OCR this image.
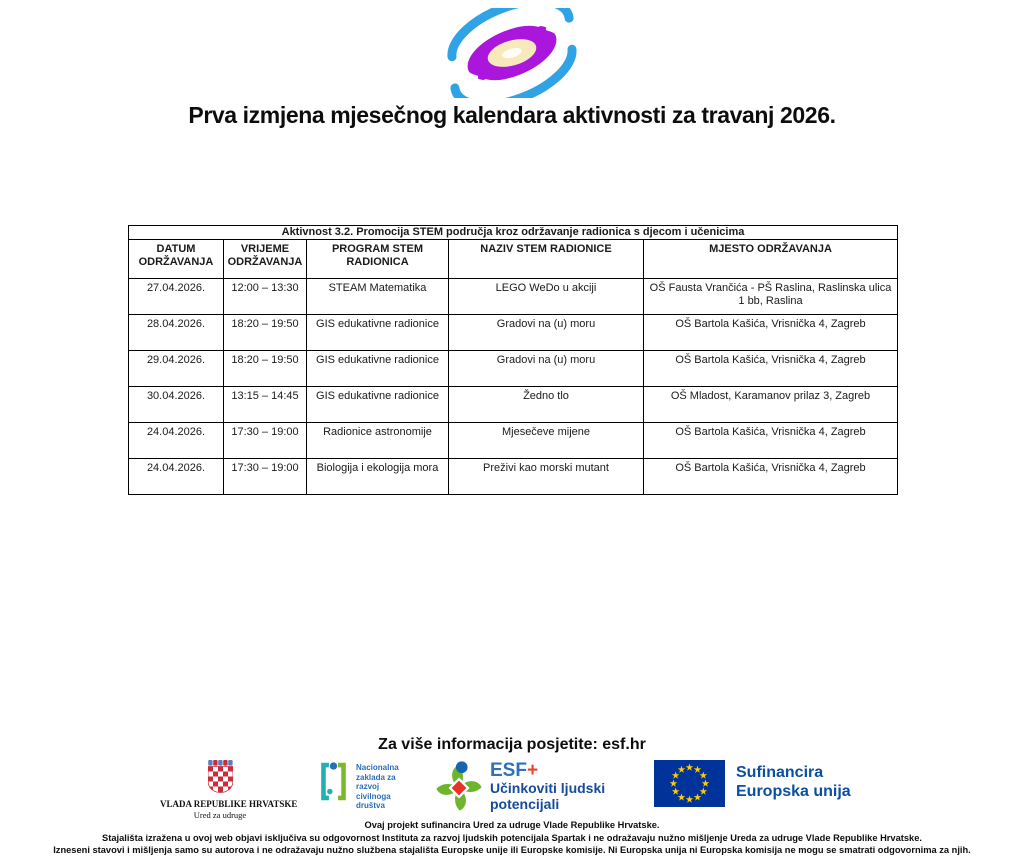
Prva izmjena mjesečnog kalendara aktivnosti za travanj 2026.
Aktivnost 3.2. Promocija STEM područja kroz održavanje radionica s djecom i učenicima				
DATUM ODRŽAVANJA	VRIJEME ODRŽAVANJA	PROGRAM STEM RADIONICA	NAZIV STEM RADIONICE	MJESTO ODRŽAVANJA
27.04.2026.	12:00 – 13:30	STEAM Matematika	LEGO WeDo u akciji	OŠ Fausta Vrančića - PŠ Raslina, Raslinska ulica 1 bb, Raslina
28.04.2026.	18:20 – 19:50	GIS edukativne radionice	Gradovi na (u) moru	OŠ Bartola Kašića, Vrisnička 4, Zagreb
29.04.2026.	18:20 – 19:50	GIS edukativne radionice	Gradovi na (u) moru	OŠ Bartola Kašića, Vrisnička 4, Zagreb
30.04.2026.	13:15 – 14:45	GIS edukativne radionice	Žedno tlo	OŠ Mladost, Karamanov prilaz 3, Zagreb
24.04.2026.	17:30 – 19:00	Radionice astronomije	Mjesečeve mijene	OŠ Bartola Kašića, Vrisnička 4, Zagreb
24.04.2026.	17:30 – 19:00	Biologija i ekologija mora	Preživi kao morski mutant	OŠ Bartola Kašića, Vrisnička 4, Zagreb
Za više informacija posjetite: esf.hr
VLADA REPUBLIKE HRVATSKE
Ured za udruge
Nacionalna
zaklada za
razvoj
civilnoga
društva
ESF+
Učinkoviti ljudski
potencijali
Sufinancira
Europska unija
Ovaj projekt sufinancira Ured za udruge Vlade Republike Hrvatske.
Stajališta izražena u ovoj web objavi isključiva su odgovornost Instituta za razvoj ljudskih potencijala Spartak i ne odražavaju nužno mišljenje Ureda za udruge Vlade Republike Hrvatske.
Izneseni stavovi i mišljenja samo su autorova i ne odražavaju nužno službena stajališta Europske unije ili Europske komisije. Ni Europska unija ni Europska komisija ne mogu se smatrati odgovornima za njih.
